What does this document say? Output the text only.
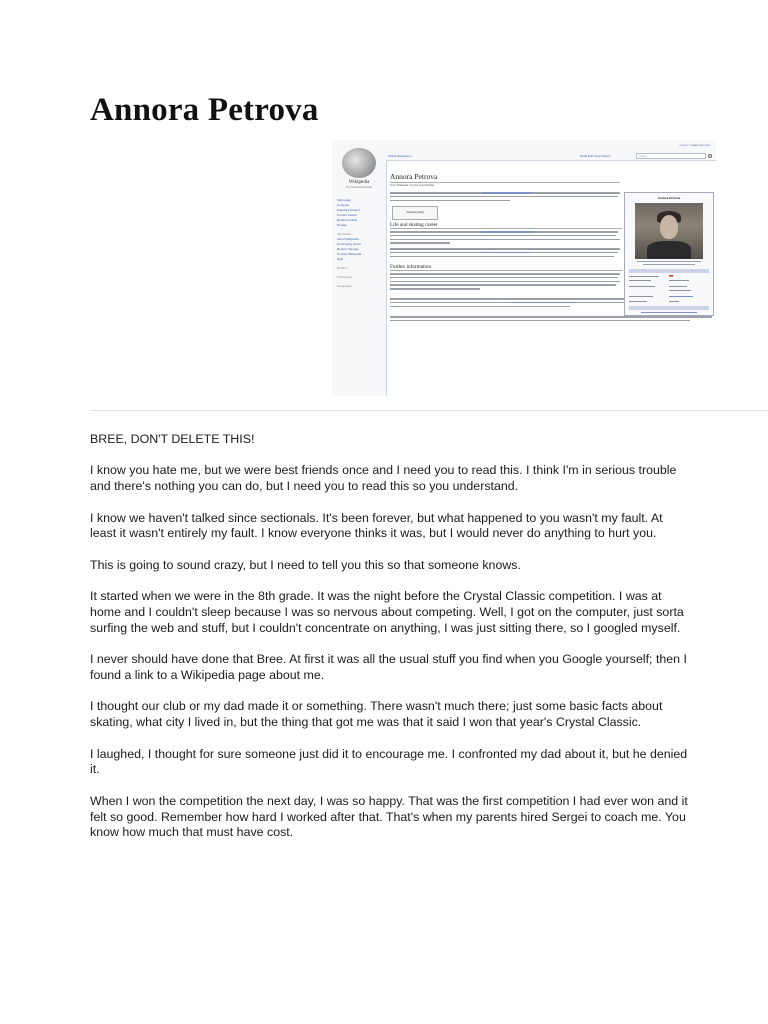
Annora Petrova
Log in / create account
Wikipedia
The Free Encyclopedia
Main page
Contents
Featured content
Current events
Random article
Donate
Interaction
About Wikipedia
Community portal
Recent changes
Contact Wikipedia
Help
Toolbox
Print/export
Languages
Article Discussion	Read Edit View history	Search
Annora Petrova
From Wikipedia, the free encyclopedia
Contents [hide]
Life and skating career
Further information
Annora Petrova

BREE, DON'T DELETE THIS!

I know you hate me, but we were best friends once and I need you to read this. I think I'm in serious trouble and there's nothing you can do, but I need you to read this so you understand.

I know we haven't talked since sectionals. It's been forever, but what happened to you wasn't my fault. At least it wasn't entirely my fault. I know everyone thinks it was, but I would never do anything to hurt you.

This is going to sound crazy, but I need to tell you this so that someone knows.

It started when we were in the 8th grade. It was the night before the Crystal Classic competition. I was at home and I couldn't sleep because I was so nervous about competing. Well, I got on the computer, just sorta surfing the web and stuff, but I couldn't concentrate on anything, I was just sitting there, so I googled myself.

I never should have done that Bree. At first it was all the usual stuff you find when you Google yourself; then I found a link to a Wikipedia page about me.

I thought our club or my dad made it or something. There wasn't much there; just some basic facts about skating, what city I lived in, but the thing that got me was that it said I won that year's Crystal Classic.

I laughed, I thought for sure someone just did it to encourage me. I confronted my dad about it, but he denied it.

When I won the competition the next day, I was so happy. That was the first competition I had ever won and it felt so good. Remember how hard I worked after that. That's when my parents hired Sergei to coach me. You know how much that must have cost.
